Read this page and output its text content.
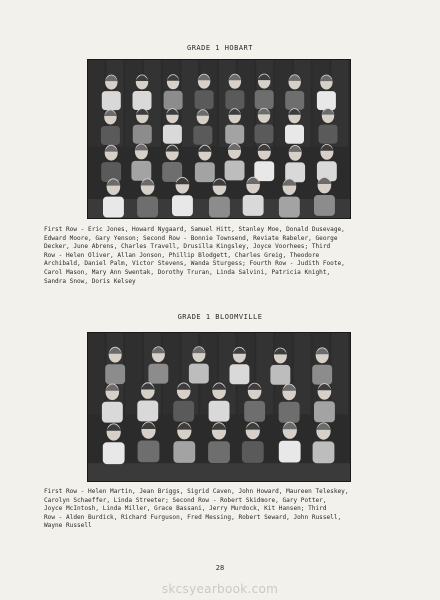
GRADE 1 HOBART
First Row - Eric Jones, Howard Nygaard, Samuel Hitt, Stanley Moe, Donald Dusevage,
Edward Moore, Gary Yenson; Second Row - Bonnie Townsend, Reviate Rabeler, George
Decker, June Abrens, Charles Travell, Drusilla Kingsley, Joyce Voorhees; Third
Row - Helen Oliver, Allan Jonson, Phillip Blodgett, Charles Greig, Theodore
Archibald, Daniel Palm, Victor Stevens, Wanda Sturgess; Fourth Row - Judith Foote,
Carol Mason, Mary Ann Swentak, Dorothy Truran, Linda Salvini, Patricia Knight,
Sandra Snow, Doris Kelsey
GRADE 1 BLOOMVILLE
First Row - Helen Martin, Jean Briggs, Sigrid Caven, John Howard, Maureen Teleskey,
Carolyn Schaeffer, Linda Streeter; Second Row - Robert Skidmore, Gary Potter,
Joyce McIntosh, Linda Miller, Grace Bassani, Jerry Murdock, Kit Hansen; Third
Row - Alden Burdick, Richard Furguson, Fred Messing, Robert Seward, John Russell,
Wayne Russell
28
skcsyearbook.com
